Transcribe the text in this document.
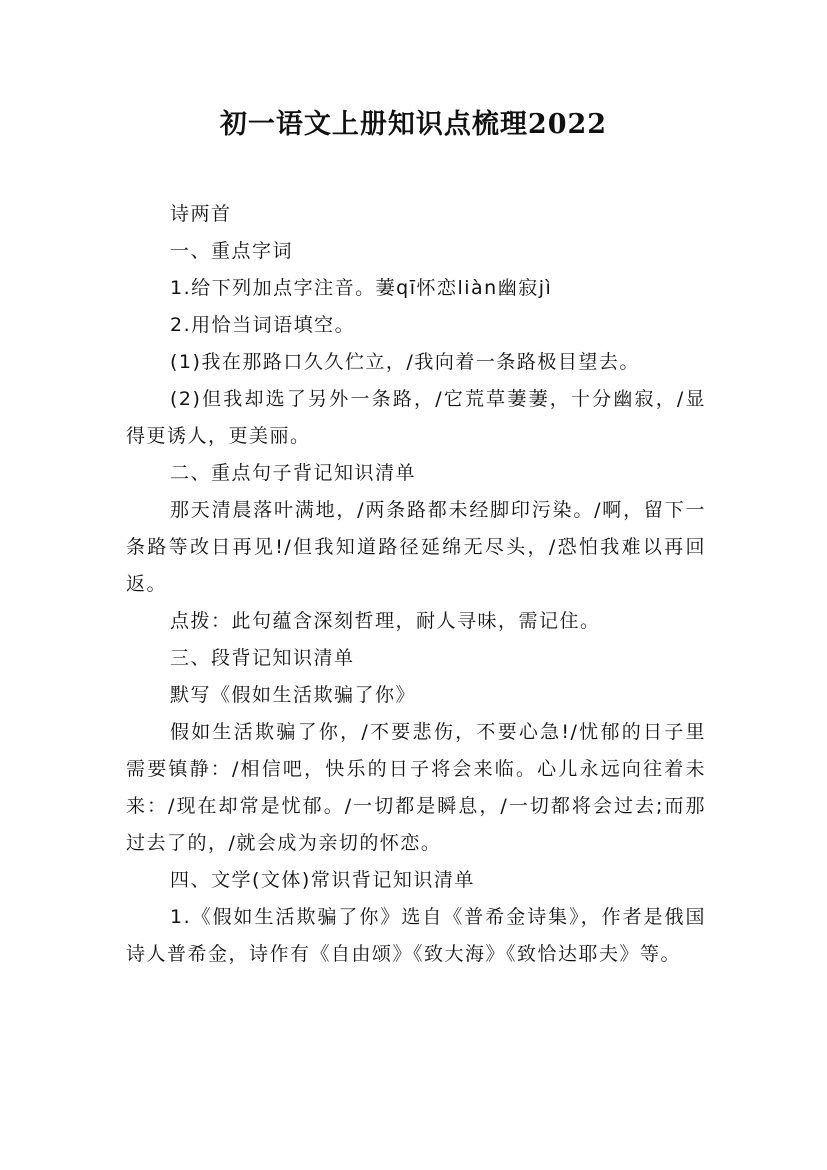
初一语文上册知识点梳理2022

诗两首

一、重点字词

1.给下列加点字注音。萋qī怀恋liàn幽寂jì

2.用恰当词语填空。

(1)我在那路口久久伫立，/我向着一条路极目望去。

(2)但我却选了另外一条路，/它荒草萋萋，十分幽寂，/显得更诱人，更美丽。

二、重点句子背记知识清单

那天清晨落叶满地，/两条路都未经脚印污染。/啊，留下一条路等改日再见!/但我知道路径延绵无尽头，/恐怕我难以再回返。

点拨：此句蕴含深刻哲理，耐人寻味，需记住。

三、段背记知识清单

默写《假如生活欺骗了你》

假如生活欺骗了你，/不要悲伤，不要心急!/忧郁的日子里需要镇静：/相信吧，快乐的日子将会来临。心儿永远向往着未来：/现在却常是忧郁。/一切都是瞬息，/一切都将会过去;而那过去了的，/就会成为亲切的怀恋。

四、文学(文体)常识背记知识清单

1.《假如生活欺骗了你》选自《普希金诗集》，作者是俄国诗人普希金，诗作有《自由颂》《致大海》《致恰达耶夫》等。
